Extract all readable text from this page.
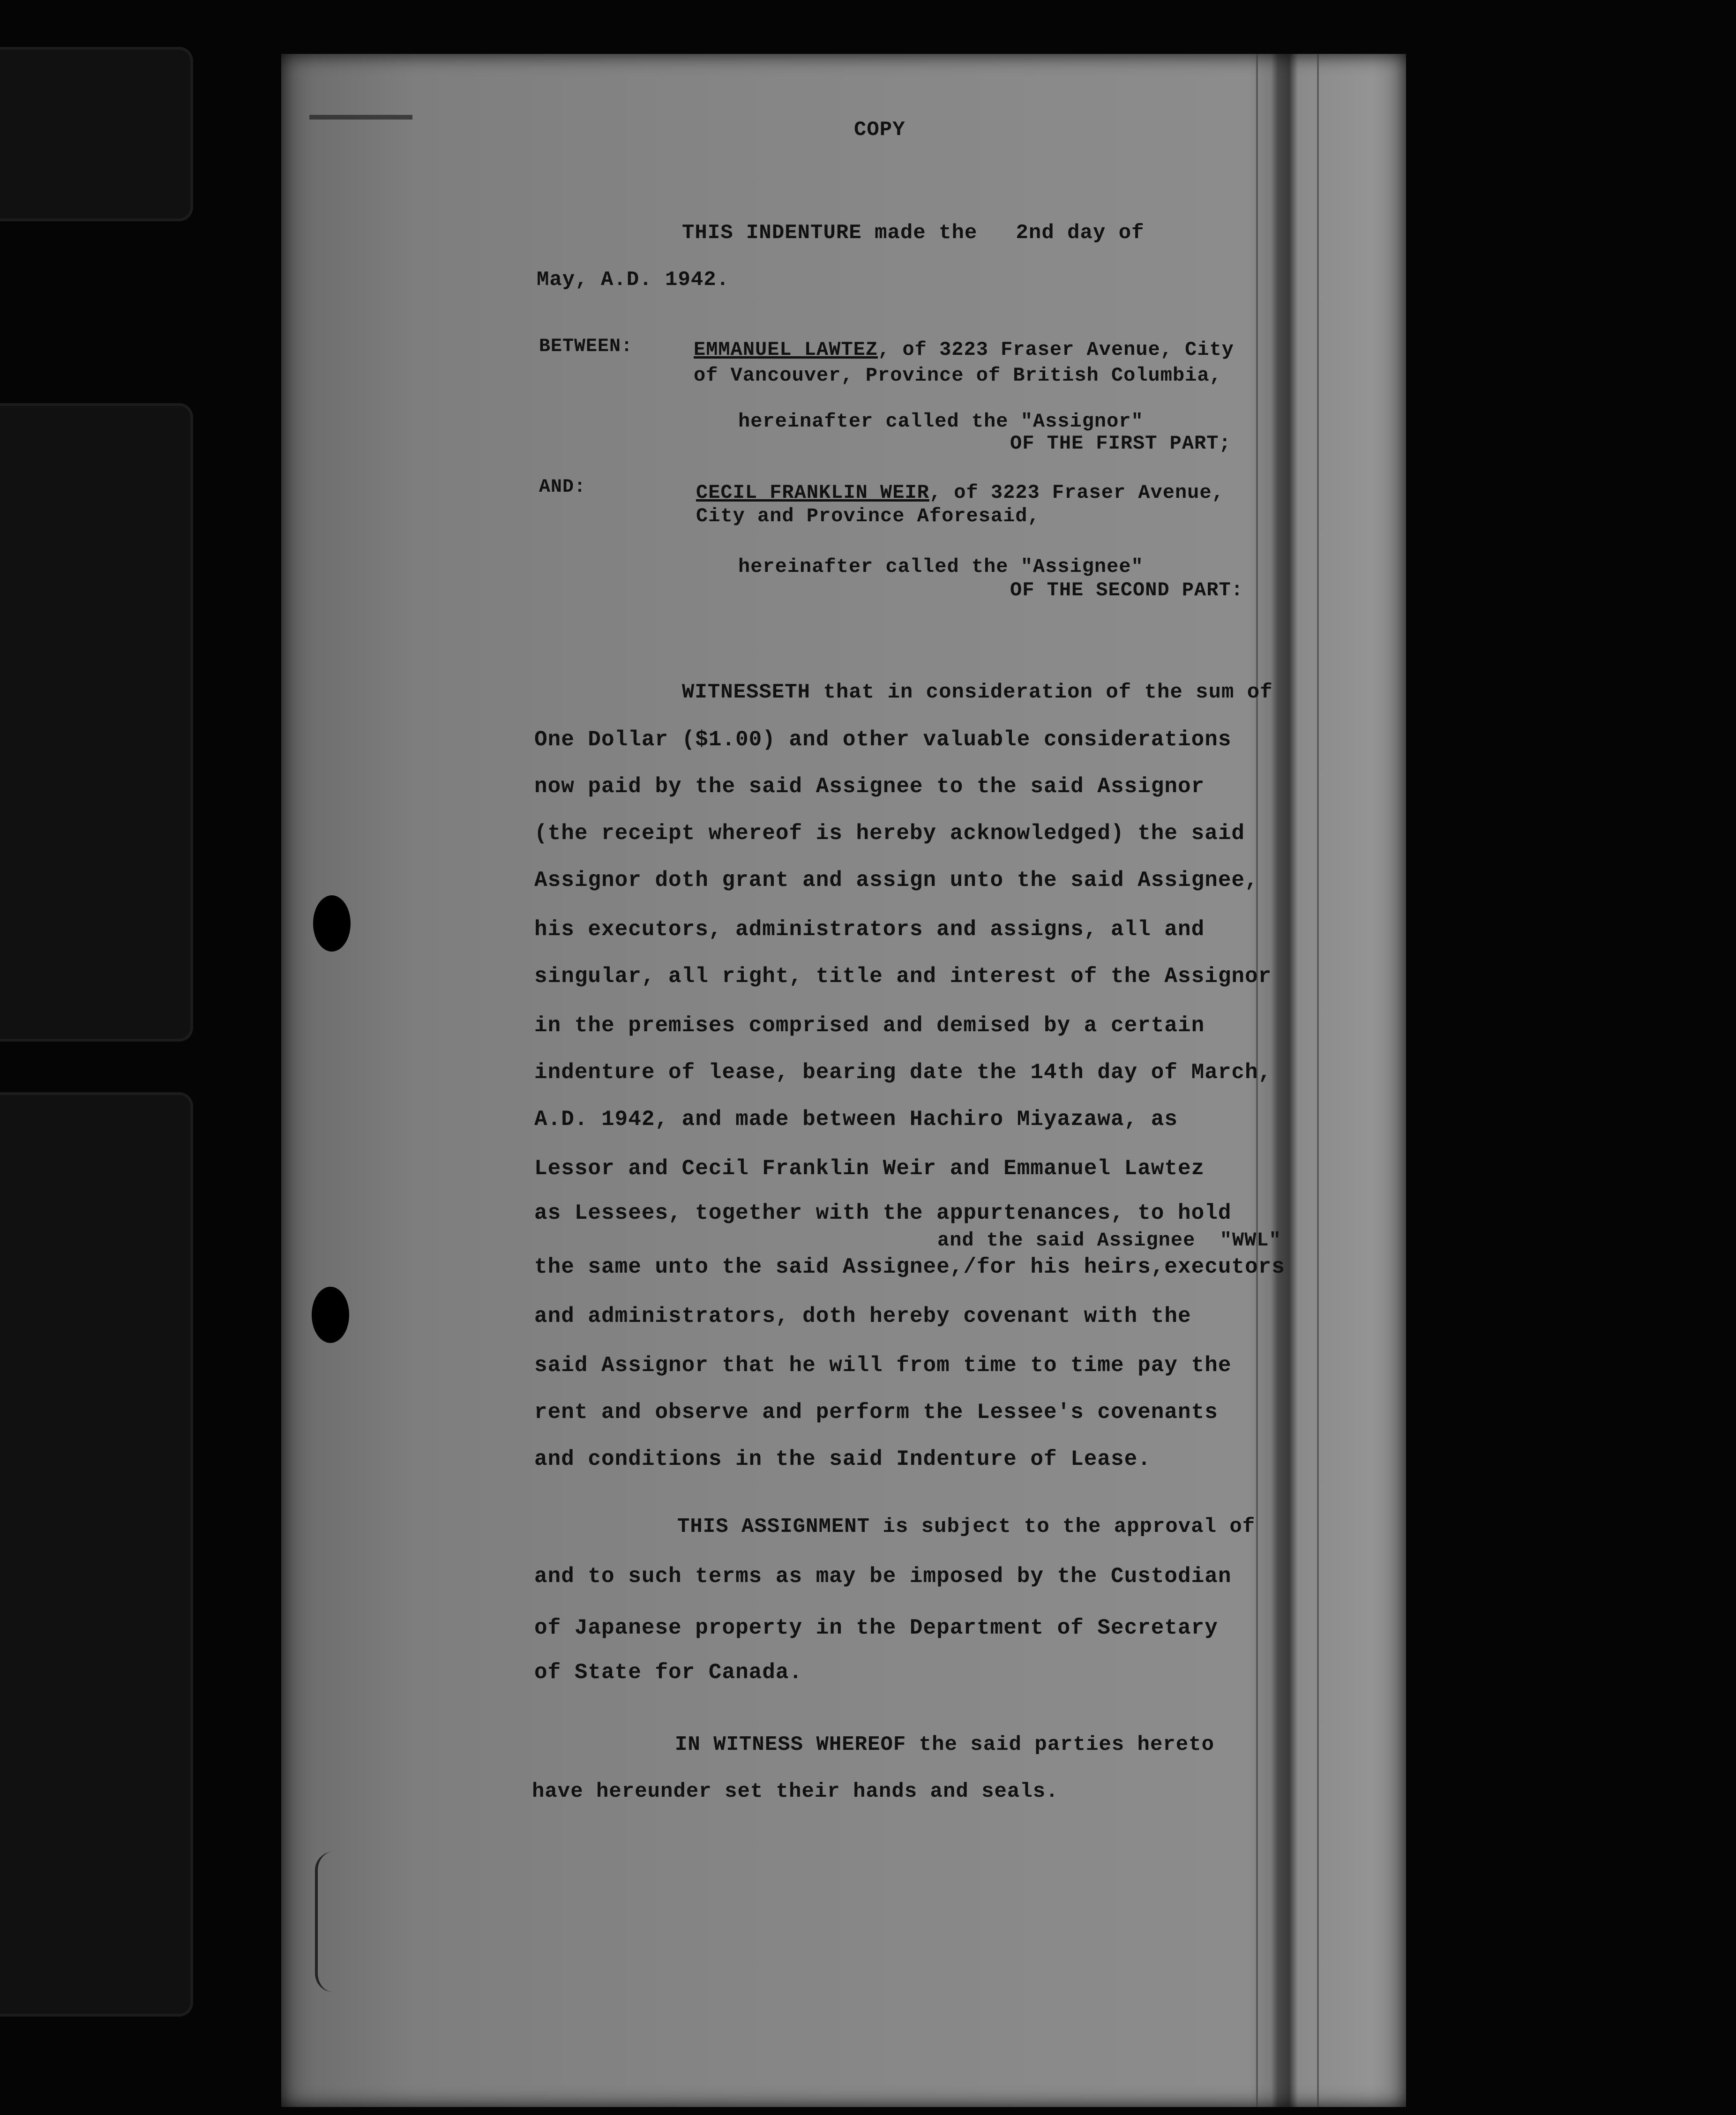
COPY
THIS INDENTURE made the   2nd day of
May, A.D. 1942.
BETWEEN:	EMMANUEL LAWTEZ, of 3223 Fraser Avenue, City
of Vancouver, Province of British Columbia,
hereinafter called the "Assignor"
OF THE FIRST PART;
AND:	CECIL FRANKLIN WEIR, of 3223 Fraser Avenue,
City and Province Aforesaid,
hereinafter called the "Assignee"
OF THE SECOND PART:
WITNESSETH that in consideration of the sum of
One Dollar ($1.00) and other valuable considerations
now paid by the said Assignee to the said Assignor
(the receipt whereof is hereby acknowledged) the said
Assignor doth grant and assign unto the said Assignee,
his executors, administrators and assigns, all and
singular, all right, title and interest of the Assignor
in the premises comprised and demised by a certain
indenture of lease, bearing date the 14th day of March,
A.D. 1942, and made between Hachiro Miyazawa, as
Lessor and Cecil Franklin Weir and Emmanuel Lawtez
as Lessees, together with the appurtenances, to hold
and the said Assignee  "WWL"
the same unto the said Assignee,/for his heirs,executors
and administrators, doth hereby covenant with the
said Assignor that he will from time to time pay the
rent and observe and perform the Lessee's covenants
and conditions in the said Indenture of Lease.
THIS ASSIGNMENT is subject to the approval of
and to such terms as may be imposed by the Custodian
of Japanese property in the Department of Secretary
of State for Canada.
IN WITNESS WHEREOF the said parties hereto
have hereunder set their hands and seals.
